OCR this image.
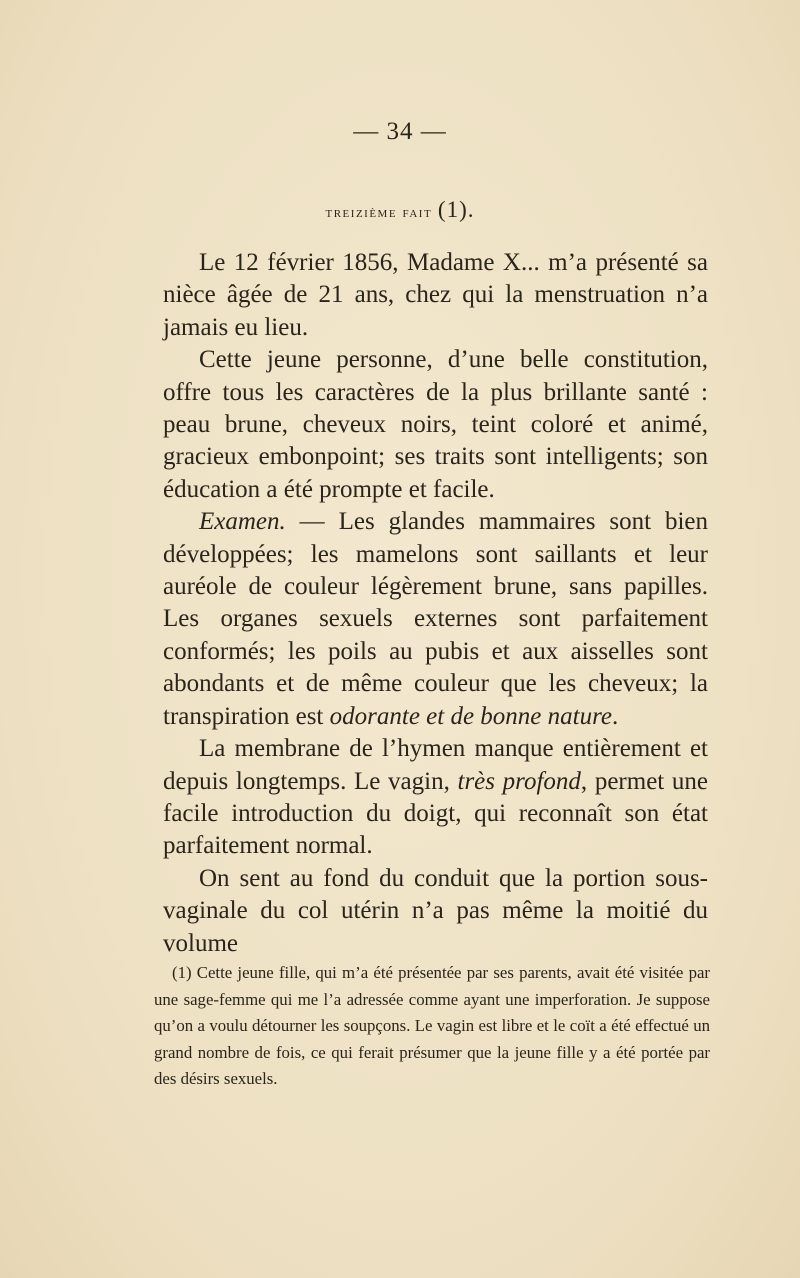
— 34 —
treizième fait (1).

Le 12 février 1856, Madame X... m’a présenté sa nièce âgée de 21 ans, chez qui la menstruation n’a jamais eu lieu.

Cette jeune personne, d’une belle constitution, offre tous les caractères de la plus brillante santé : peau brune, cheveux noirs, teint coloré et animé, gracieux embonpoint; ses traits sont intelligents; son éducation a été prompte et facile.

Examen. — Les glandes mammaires sont bien développées; les mamelons sont saillants et leur auréole de couleur légèrement brune, sans papilles. Les organes sexuels externes sont parfaitement conformés; les poils au pubis et aux aisselles sont abondants et de même couleur que les cheveux; la transpiration est odorante et de bonne nature.

La membrane de l’hymen manque entièrement et depuis longtemps. Le vagin, très profond, permet une facile introduction du doigt, qui reconnaît son état parfaitement normal.

On sent au fond du conduit que la portion sous-vaginale du col utérin n’a pas même la moitié du volume

(1) Cette jeune fille, qui m’a été présentée par ses parents, avait été visitée par une sage-femme qui me l’a adressée comme ayant une imperforation. Je suppose qu’on a voulu détourner les soupçons. Le vagin est libre et le coït a été effectué un grand nombre de fois, ce qui ferait présumer que la jeune fille y a été portée par des désirs sexuels.
